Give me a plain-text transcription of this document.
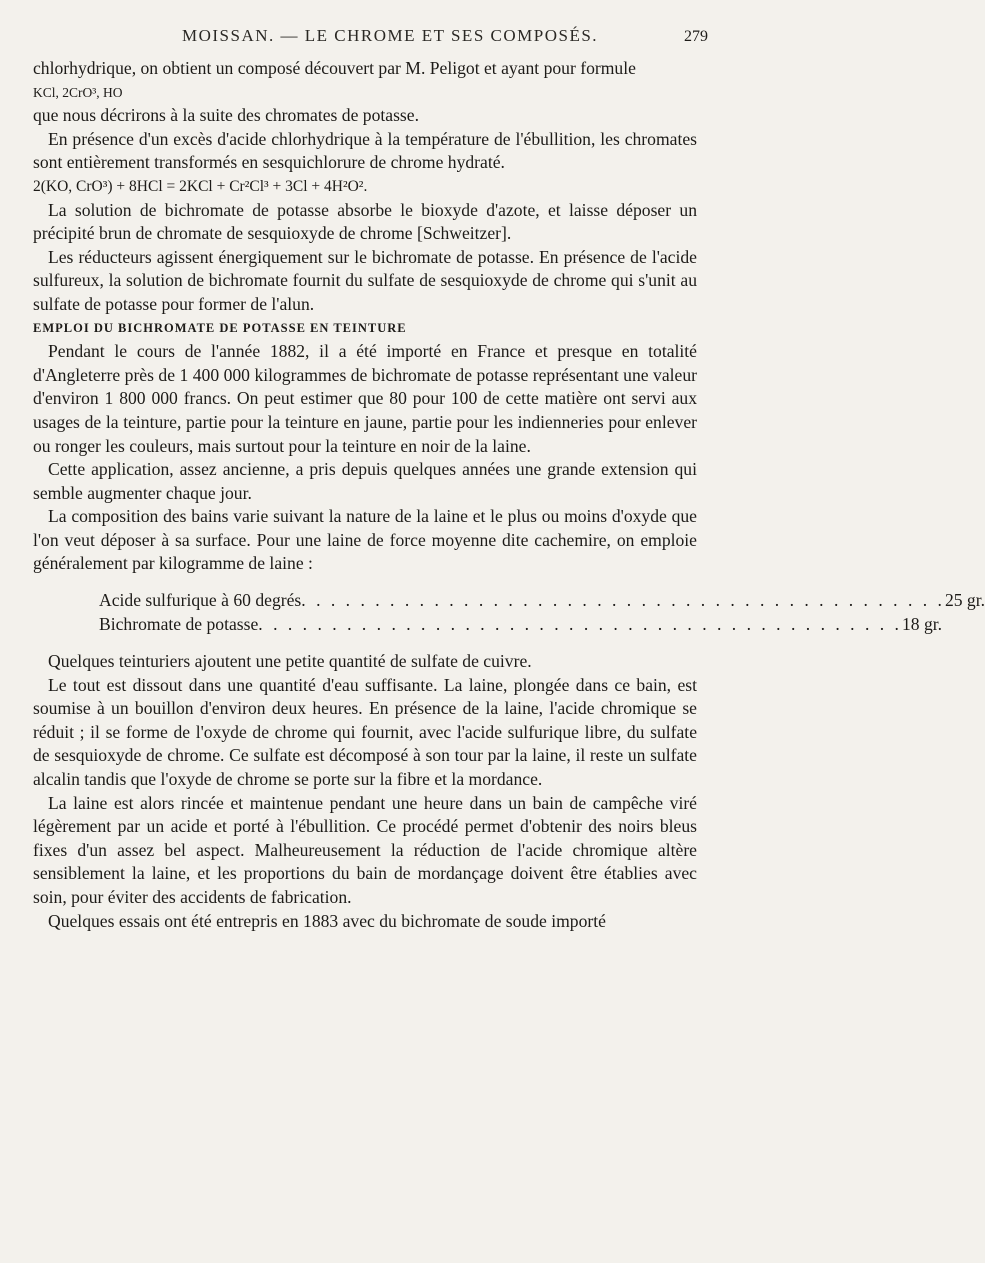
MOISSAN. — LE CHROME ET SES COMPOSÉS.	279

chlorhydrique, on obtient un composé découvert par M. Peligot et ayant pour formule

KCl, 2CrO³, HO

que nous décrirons à la suite des chromates de potasse.

En présence d'un excès d'acide chlorhydrique à la température de l'ébullition, les chromates sont entièrement transformés en sesquichlorure de chrome hydraté.

2(KO, CrO³) + 8HCl = 2KCl + Cr²Cl³ + 3Cl + 4H²O².

La solution de bichromate de potasse absorbe le bioxyde d'azote, et laisse déposer un précipité brun de chromate de sesquioxyde de chrome [Schweitzer].

Les réducteurs agissent énergiquement sur le bichromate de potasse. En présence de l'acide sulfureux, la solution de bichromate fournit du sulfate de sesquioxyde de chrome qui s'unit au sulfate de potasse pour former de l'alun.

EMPLOI DU BICHROMATE DE POTASSE EN TEINTURE

Pendant le cours de l'année 1882, il a été importé en France et presque en totalité d'Angleterre près de 1 400 000 kilogrammes de bichromate de potasse représentant une valeur d'environ 1 800 000 francs. On peut estimer que 80 pour 100 de cette matière ont servi aux usages de la teinture, partie pour la teinture en jaune, partie pour les indienneries pour enlever ou ronger les couleurs, mais surtout pour la teinture en noir de la laine.

Cette application, assez ancienne, a pris depuis quelques années une grande extension qui semble augmenter chaque jour.

La composition des bains varie suivant la nature de la laine et le plus ou moins d'oxyde que l'on veut déposer à sa surface. Pour une laine de force moyenne dite cachemire, on emploie généralement par kilogramme de laine :

Acide sulfurique à 60 degrés . . . . . . . . . . . . . . . . . . . . . . . . . . . . . . . . . . . . . . . . . . . . 25 gr.
Bichromate de potasse . . . . . . . . . . . . . . . . . . . . . . . . . . . . . . . . . . . . . . . . . . . . 18 gr.

Quelques teinturiers ajoutent une petite quantité de sulfate de cuivre.

Le tout est dissout dans une quantité d'eau suffisante. La laine, plongée dans ce bain, est soumise à un bouillon d'environ deux heures. En présence de la laine, l'acide chromique se réduit ; il se forme de l'oxyde de chrome qui fournit, avec l'acide sulfurique libre, du sulfate de sesquioxyde de chrome. Ce sulfate est décomposé à son tour par la laine, il reste un sulfate alcalin tandis que l'oxyde de chrome se porte sur la fibre et la mordance.

La laine est alors rincée et maintenue pendant une heure dans un bain de campêche viré légèrement par un acide et porté à l'ébullition. Ce procédé permet d'obtenir des noirs bleus fixes d'un assez bel aspect. Malheureusement la réduction de l'acide chromique altère sensiblement la laine, et les proportions du bain de mordançage doivent être établies avec soin, pour éviter des accidents de fabrication.

Quelques essais ont été entrepris en 1883 avec du bichromate de soude importé
